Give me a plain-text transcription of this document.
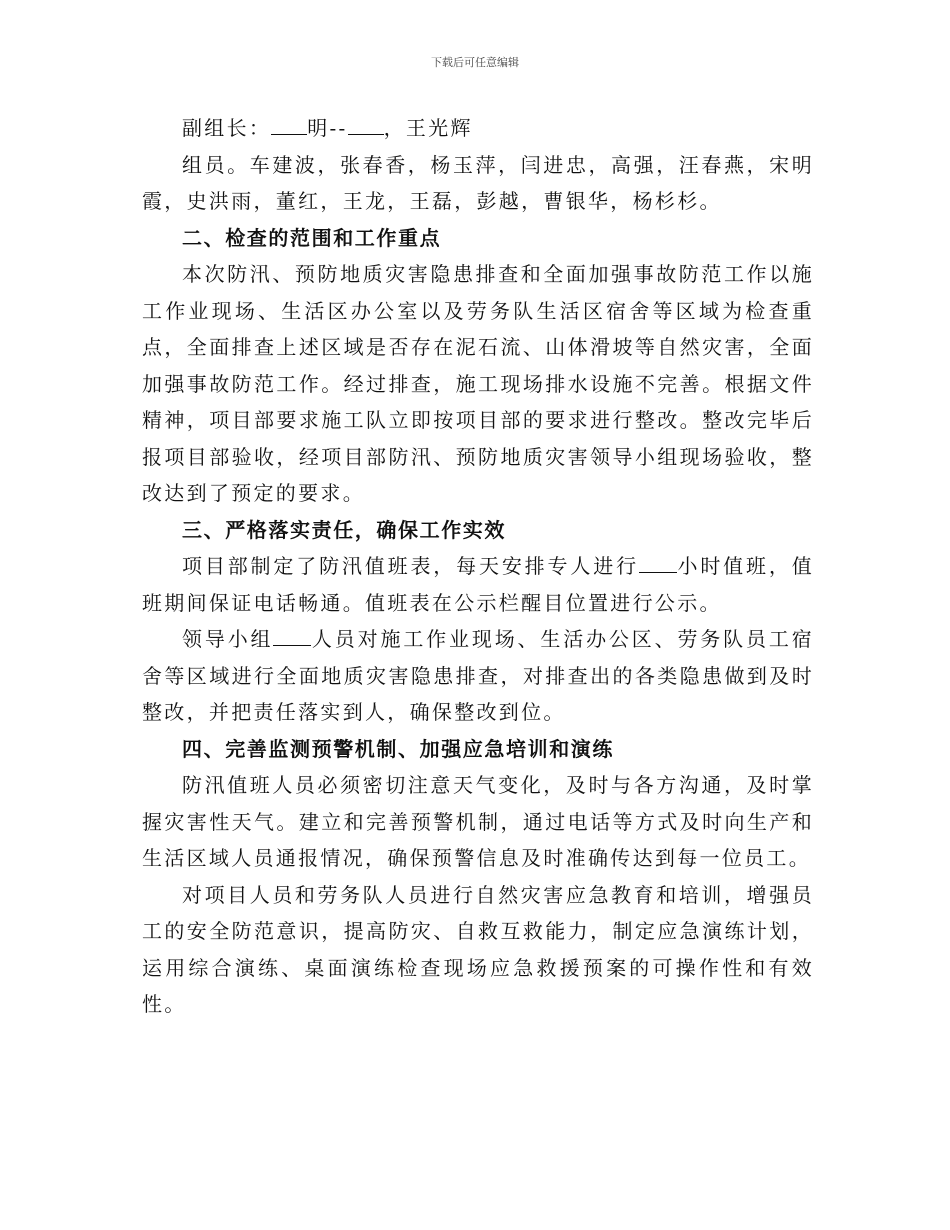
下载后可任意编辑

副组长： 明-- ，王光辉

组员。车建波，张春香，杨玉萍，闫进忠，高强，汪春燕，宋明霞，史洪雨，董红，王龙，王磊，彭越，曹银华，杨杉杉。

二、检查的范围和工作重点

本次防汛、预防地质灾害隐患排查和全面加强事故防范工作以施工作业现场、生活区办公室以及劳务队生活区宿舍等区域为检查重点，全面排查上述区域是否存在泥石流、山体滑坡等自然灾害，全面加强事故防范工作。经过排查，施工现场排水设施不完善。根据文件精神，项目部要求施工队立即按项目部的要求进行整改。整改完毕后报项目部验收，经项目部防汛、预防地质灾害领导小组现场验收，整改达到了预定的要求。

三、严格落实责任，确保工作实效

项目部制定了防汛值班表，每天安排专人进行 小时值班，值班期间保证电话畅通。值班表在公示栏醒目位置进行公示。

领导小组 人员对施工作业现场、生活办公区、劳务队员工宿舍等区域进行全面地质灾害隐患排查，对排查出的各类隐患做到及时整改，并把责任落实到人，确保整改到位。

四、完善监测预警机制、加强应急培训和演练

防汛值班人员必须密切注意天气变化，及时与各方沟通，及时掌握灾害性天气。建立和完善预警机制，通过电话等方式及时向生产和生活区域人员通报情况，确保预警信息及时准确传达到每一位员工。

对项目人员和劳务队人员进行自然灾害应急教育和培训，增强员工的安全防范意识，提高防灾、自救互救能力，制定应急演练计划，运用综合演练、桌面演练检查现场应急救援预案的可操作性和有效性。
